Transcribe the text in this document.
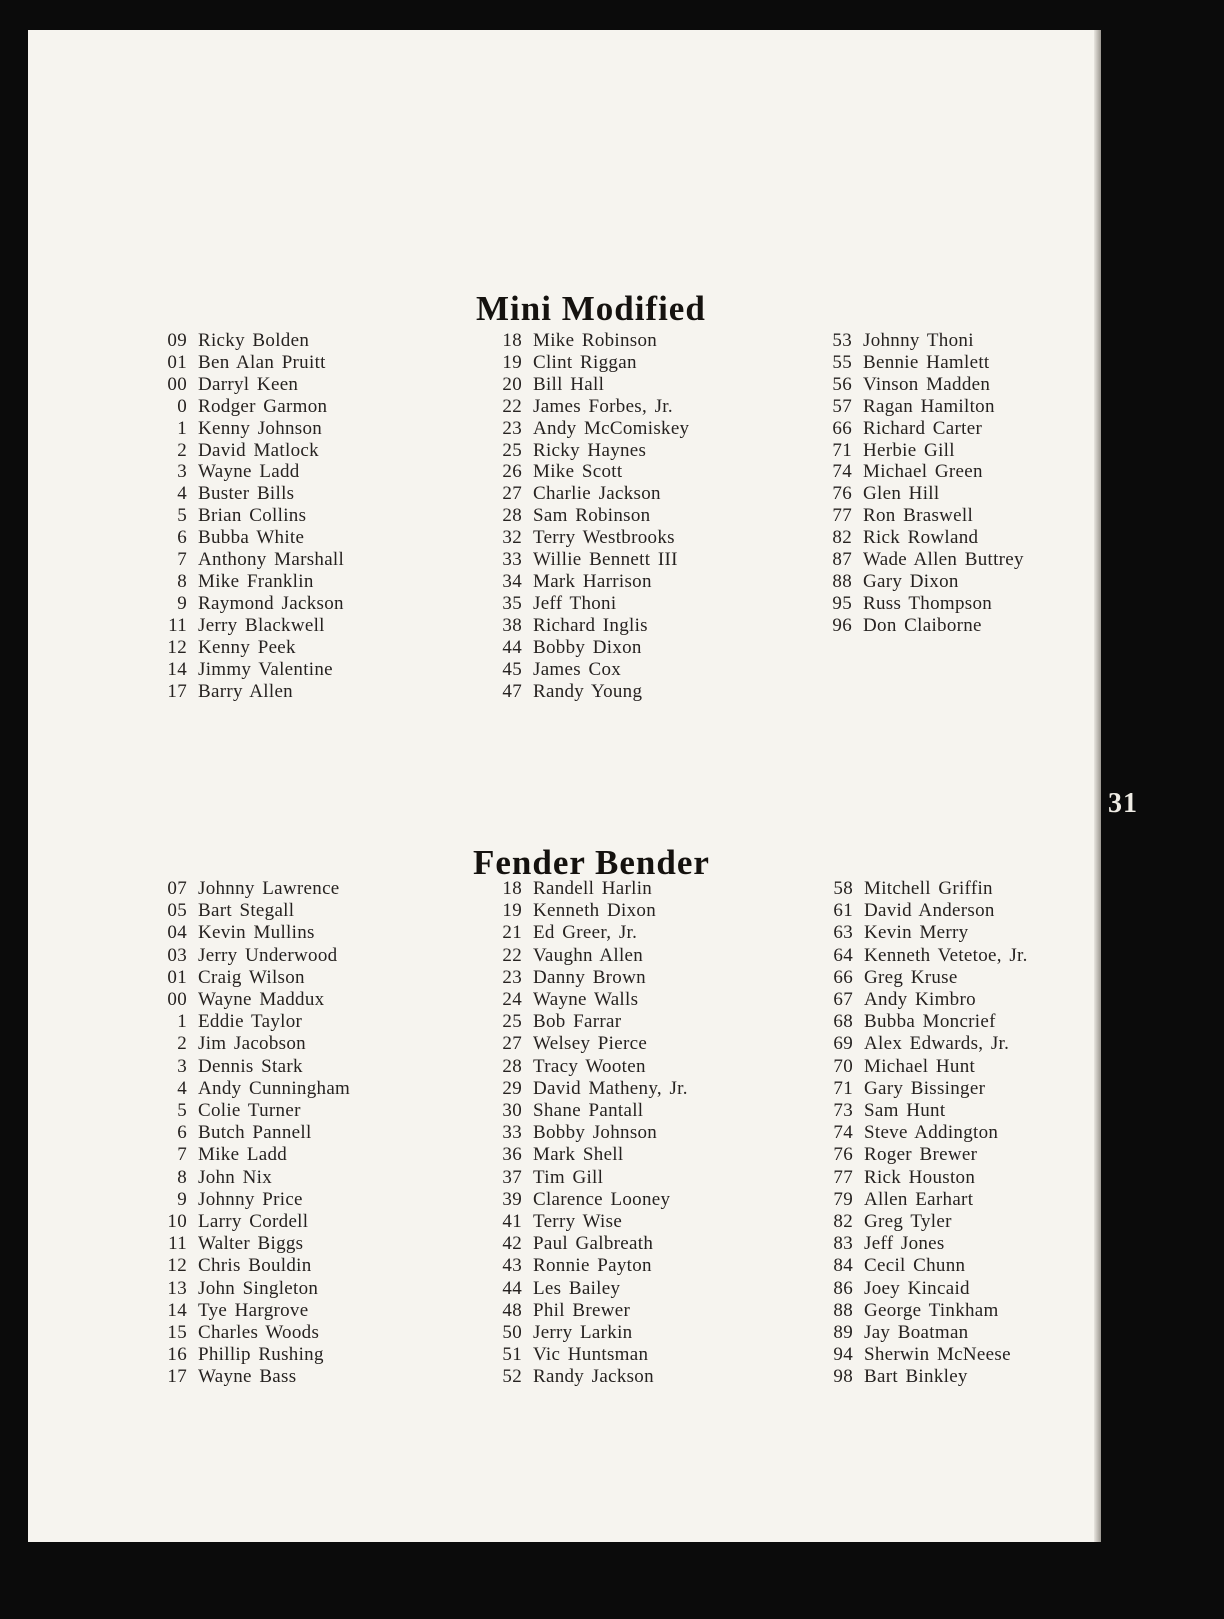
Mini Modified
09 Ricky Bolden
01 Ben Alan Pruitt
00 Darryl Keen
0 Rodger Garmon
1 Kenny Johnson
2 David Matlock
3 Wayne Ladd
4 Buster Bills
5 Brian Collins
6 Bubba White
7 Anthony Marshall
8 Mike Franklin
9 Raymond Jackson
11 Jerry Blackwell
12 Kenny Peek
14 Jimmy Valentine
17 Barry Allen
18 Mike Robinson
19 Clint Riggan
20 Bill Hall
22 James Forbes, Jr.
23 Andy McComiskey
25 Ricky Haynes
26 Mike Scott
27 Charlie Jackson
28 Sam Robinson
32 Terry Westbrooks
33 Willie Bennett III
34 Mark Harrison
35 Jeff Thoni
38 Richard Inglis
44 Bobby Dixon
45 James Cox
47 Randy Young
53 Johnny Thoni
55 Bennie Hamlett
56 Vinson Madden
57 Ragan Hamilton
66 Richard Carter
71 Herbie Gill
74 Michael Green
76 Glen Hill
77 Ron Braswell
82 Rick Rowland
87 Wade Allen Buttrey
88 Gary Dixon
95 Russ Thompson
96 Don Claiborne
Fender Bender
07 Johnny Lawrence
05 Bart Stegall
04 Kevin Mullins
03 Jerry Underwood
01 Craig Wilson
00 Wayne Maddux
1 Eddie Taylor
2 Jim Jacobson
3 Dennis Stark
4 Andy Cunningham
5 Colie Turner
6 Butch Pannell
7 Mike Ladd
8 John Nix
9 Johnny Price
10 Larry Cordell
11 Walter Biggs
12 Chris Bouldin
13 John Singleton
14 Tye Hargrove
15 Charles Woods
16 Phillip Rushing
17 Wayne Bass
18 Randell Harlin
19 Kenneth Dixon
21 Ed Greer, Jr.
22 Vaughn Allen
23 Danny Brown
24 Wayne Walls
25 Bob Farrar
27 Welsey Pierce
28 Tracy Wooten
29 David Matheny, Jr.
30 Shane Pantall
33 Bobby Johnson
36 Mark Shell
37 Tim Gill
39 Clarence Looney
41 Terry Wise
42 Paul Galbreath
43 Ronnie Payton
44 Les Bailey
48 Phil Brewer
50 Jerry Larkin
51 Vic Huntsman
52 Randy Jackson
58 Mitchell Griffin
61 David Anderson
63 Kevin Merry
64 Kenneth Vetetoe, Jr.
66 Greg Kruse
67 Andy Kimbro
68 Bubba Moncrief
69 Alex Edwards, Jr.
70 Michael Hunt
71 Gary Bissinger
73 Sam Hunt
74 Steve Addington
76 Roger Brewer
77 Rick Houston
79 Allen Earhart
82 Greg Tyler
83 Jeff Jones
84 Cecil Chunn
86 Joey Kincaid
88 George Tinkham
89 Jay Boatman
94 Sherwin McNeese
98 Bart Binkley
31
